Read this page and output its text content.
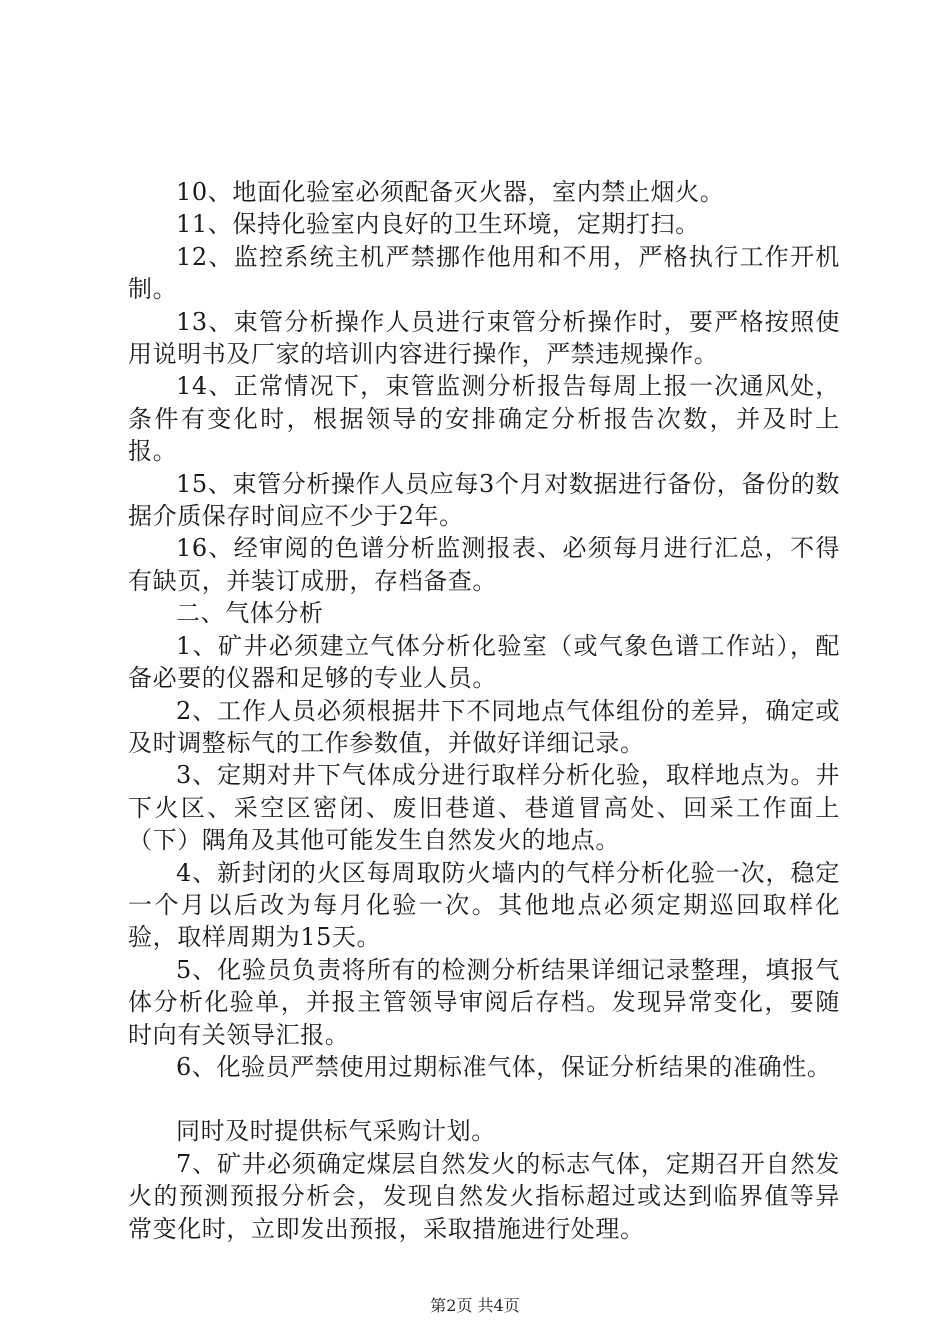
10、地面化验室必须配备灭火器，室内禁止烟火。

11、保持化验室内良好的卫生环境，定期打扫。

12、监控系统主机严禁挪作他用和不用，严格执行工作开机制。

13、束管分析操作人员进行束管分析操作时，要严格按照使用说明书及厂家的培训内容进行操作，严禁违规操作。

14、正常情况下，束管监测分析报告每周上报一次通风处，条件有变化时，根据领导的安排确定分析报告次数，并及时上报。

15、束管分析操作人员应每3个月对数据进行备份，备份的数据介质保存时间应不少于2年。

16、经审阅的色谱分析监测报表、必须每月进行汇总，不得有缺页，并装订成册，存档备查。

二、气体分析

1、矿井必须建立气体分析化验室（或气象色谱工作站），配备必要的仪器和足够的专业人员。

2、工作人员必须根据井下不同地点气体组份的差异，确定或及时调整标气的工作参数值，并做好详细记录。

3、定期对井下气体成分进行取样分析化验，取样地点为。井下火区、采空区密闭、废旧巷道、巷道冒高处、回采工作面上（下）隅角及其他可能发生自然发火的地点。

4、新封闭的火区每周取防火墙内的气样分析化验一次，稳定一个月以后改为每月化验一次。其他地点必须定期巡回取样化验，取样周期为15天。

5、化验员负责将所有的检测分析结果详细记录整理，填报气体分析化验单，并报主管领导审阅后存档。发现异常变化，要随时向有关领导汇报。

6、化验员严禁使用过期标准气体，保证分析结果的准确性。

同时及时提供标气采购计划。

7、矿井必须确定煤层自然发火的标志气体，定期召开自然发火的预测预报分析会，发现自然发火指标超过或达到临界值等异常变化时，立即发出预报，采取措施进行处理。

第2页 共4页
